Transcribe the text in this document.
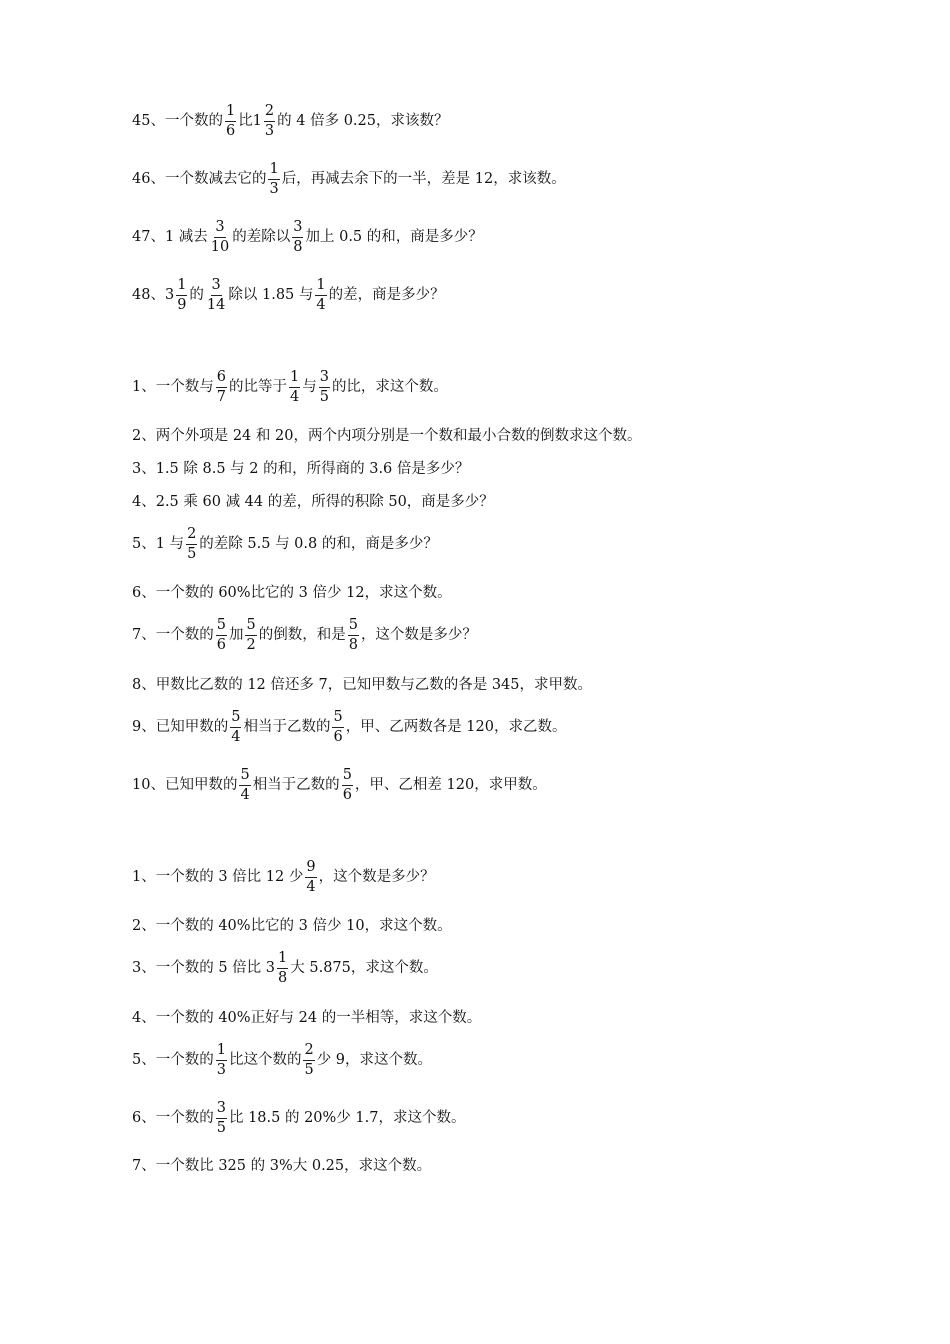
45、一个数的 $\frac{1}{6}$ 比$1 \frac{2}{3}$ 的 4 倍多 0.25，求该数？
46、一个数减去它的 $\frac{1}{3}$ 后，再减去余下的一半，差是 12，求该数。
47、1 减去 $\frac{3}{10}$ 的差除以 $\frac{3}{8}$ 加上 0.5 的和，商是多少？
48、$3 \frac{1}{9}$ 的 $\frac{3}{14}$ 除以 1.85 与 $\frac{1}{4}$ 的差，商是多少？
1、一个数与 $\frac{6}{7}$ 的比等于 $\frac{1}{4}$ 与 $\frac{3}{5}$ 的比，求这个数。
2、两个外项是 24 和 20，两个内项分别是一个数和最小合数的倒数求这个数。
3、1.5 除 8.5 与 2 的和，所得商的 3.6 倍是多少？
4、2.5 乘 60 减 44 的差，所得的积除 50，商是多少？
5、1 与 $\frac{2}{5}$ 的差除 5.5 与 0.8 的和，商是多少？
6、一个数的 60%比它的 3 倍少 12，求这个数。
7、一个数的 $\frac{5}{6}$ 加 $\frac{5}{2}$ 的倒数，和是 $\frac{5}{8}$ ，这个数是多少？
8、甲数比乙数的 12 倍还多 7，已知甲数与乙数的各是 345，求甲数。
9、已知甲数的 $\frac{5}{4}$ 相当于乙数的 $\frac{5}{6}$ ，甲、乙两数各是 120，求乙数。
10、已知甲数的 $\frac{5}{4}$ 相当于乙数的 $\frac{5}{6}$ ，甲、乙相差 120，求甲数。
1、一个数的 3 倍比 12 少 $\frac{9}{4}$ ，这个数是多少？
2、一个数的 40%比它的 3 倍少 10，求这个数。
3、一个数的 5 倍比 $3 \frac{1}{8}$ 大 5.875，求这个数。
4、一个数的 40%正好与 24 的一半相等，求这个数。
5、一个数的 $\frac{1}{3}$ 比这个数的 $\frac{2}{5}$ 少 9，求这个数。
6、一个数的 $\frac{3}{5}$ 比 18.5 的 20%少 1.7，求这个数。
7、一个数比 325 的 3%大 0.25，求这个数。
